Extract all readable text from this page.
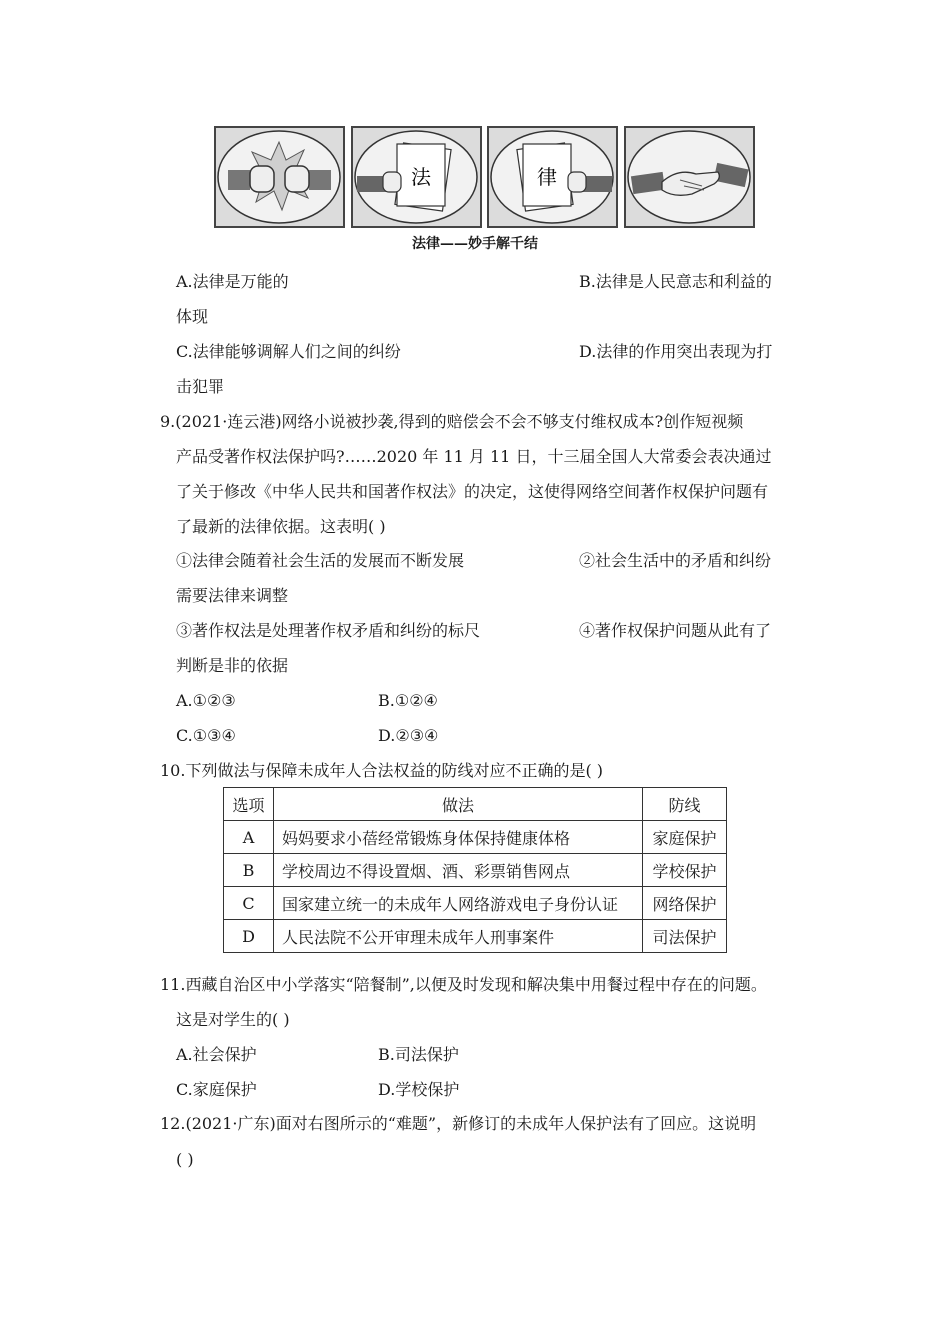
法	律
法律——妙手解千结
A.法律是万能的	B.法律是人民意志和利益的
体现
C.法律能够调解人们之间的纠纷	D.法律的作用突出表现为打
击犯罪
9.(2021·连云港)网络小说被抄袭,得到的赔偿会不会不够支付维权成本?创作短视频
产品受著作权法保护吗?……2020 年 11 月 11 日，十三届全国人大常委会表决通过
了关于修改《中华人民共和国著作权法》的决定，这使得网络空间著作权保护问题有
了最新的法律依据。这表明( )
①法律会随着社会生活的发展而不断发展	②社会生活中的矛盾和纠纷
需要法律来调整
③著作权法是处理著作权矛盾和纠纷的标尺	④著作权保护问题从此有了
判断是非的依据
A.①②③	B.①②④
C.①③④	D.②③④
10.下列做法与保障未成年人合法权益的防线对应不正确的是( )
选项	做法	防线
A	妈妈要求小蓓经常锻炼身体保持健康体格	家庭保护
B	学校周边不得设置烟、酒、彩票销售网点	学校保护
C	国家建立统一的未成年人网络游戏电子身份认证	网络保护
D	人民法院不公开审理未成年人刑事案件	司法保护
11.西藏自治区中小学落实“陪餐制”,以便及时发现和解决集中用餐过程中存在的问题。
这是对学生的( )
A.社会保护	B.司法保护
C.家庭保护	D.学校保护
12.(2021·广东)面对右图所示的“难题”，新修订的未成年人保护法有了回应。这说明
( )
